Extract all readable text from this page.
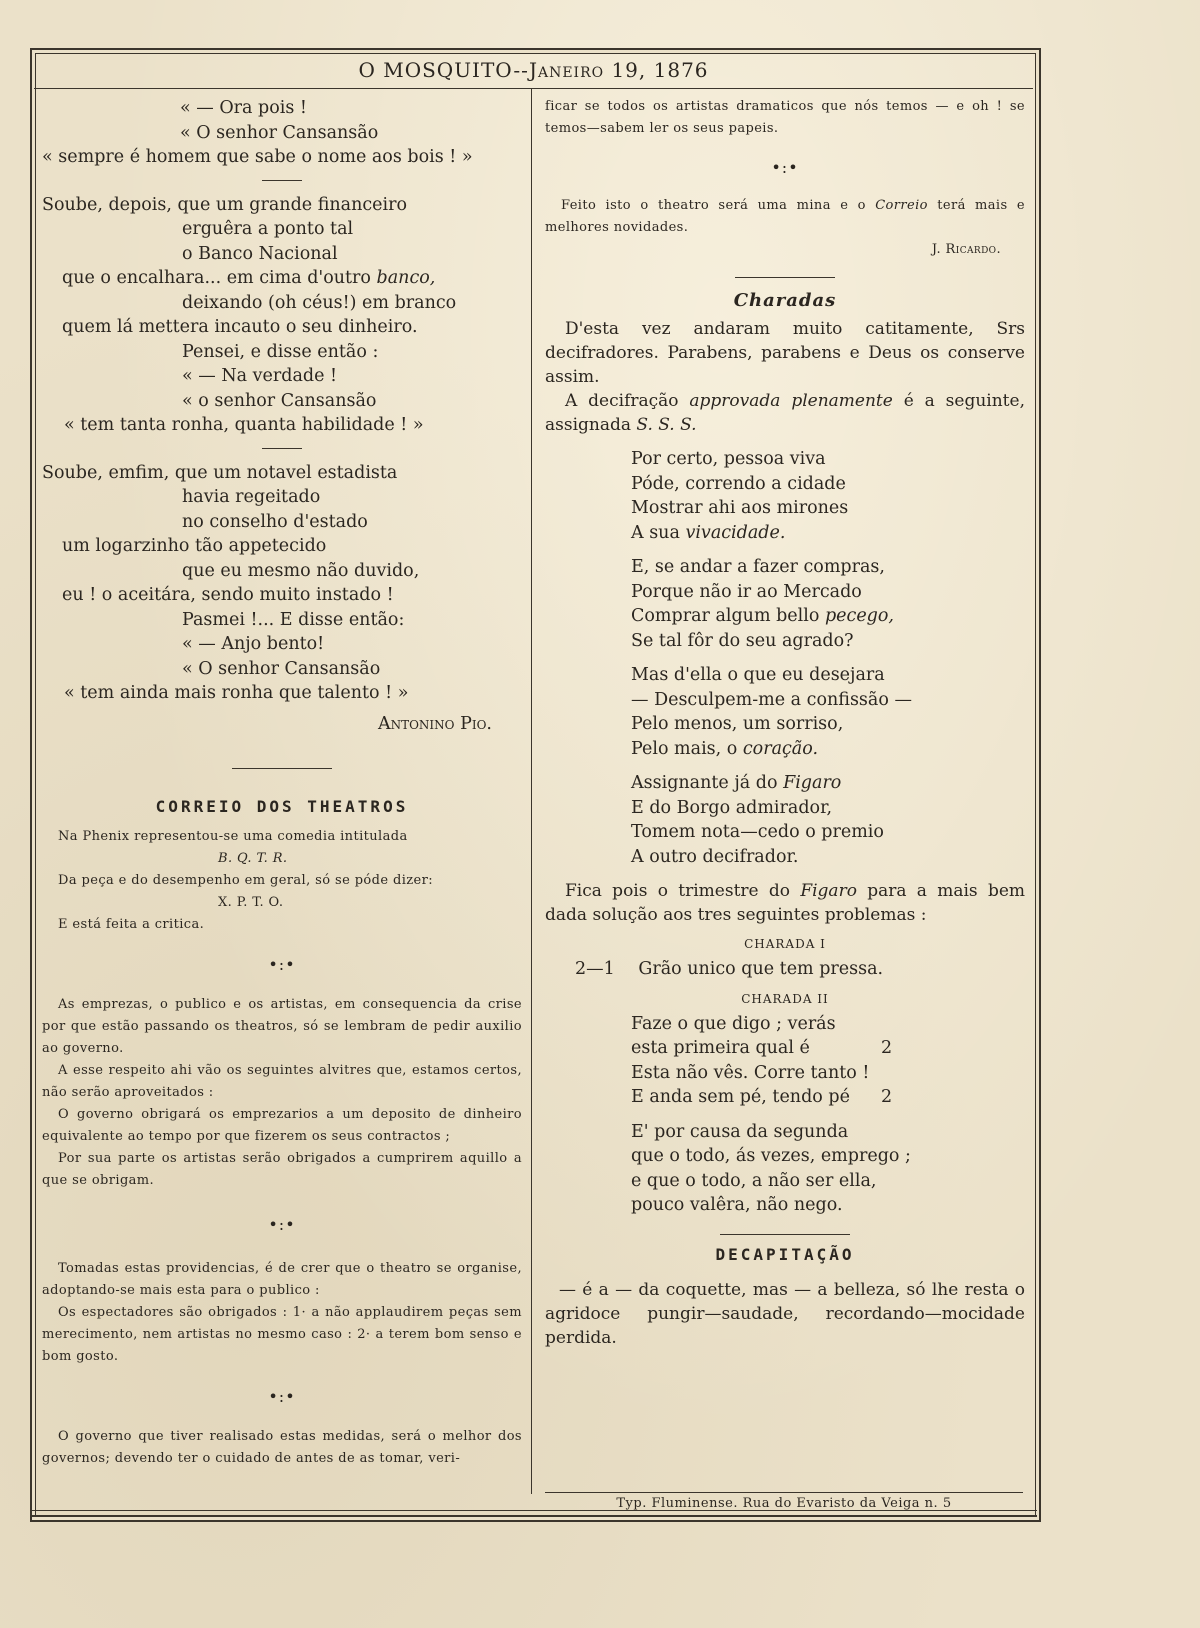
O MOSQUITO--Janeiro 19, 1876
« — Ora pois !
« O senhor Cansansão
« sempre é homem que sabe o nome aos bois ! »
Soube, depois, que um grande financeiro
erguêra a ponto tal
o Banco Nacional
que o encalhara... em cima d'outro banco,
deixando (oh céus!) em branco
quem lá mettera incauto o seu dinheiro.
Pensei, e disse então :
« — Na verdade !
« o senhor Cansansão
« tem tanta ronha, quanta habilidade ! »
Soube, emfim, que um notavel estadista
havia regeitado
no conselho d'estado
um logarzinho tão appetecido
que eu mesmo não duvido,
eu ! o aceitára, sendo muito instado !
Pasmei !... E disse então:
« — Anjo bento!
« O senhor Cansansão
« tem ainda mais ronha que talento ! »
Antonino Pio.
CORREIO DOS THEATROS
Na Phenix representou-se uma comedia intitulada
B. Q. T. R.
Da peça e do desempenho em geral, só se póde dizer:
X. P. T. O.
E está feita a critica.
•:•
As emprezas, o publico e os artistas, em consequencia da crise por que estão passando os theatros, só se lembram de pedir auxilio ao governo.
A esse respeito ahi vão os seguintes alvitres que, estamos certos, não serão aproveitados :
O governo obrigará os emprezarios a um deposito de dinheiro equivalente ao tempo por que fizerem os seus contractos ;
Por sua parte os artistas serão obrigados a cumprirem aquillo a que se obrigam.
•:•
Tomadas estas providencias, é de crer que o theatro se organise, adoptando-se mais esta para o publico :
Os espectadores são obrigados : 1· a não applaudirem peças sem merecimento, nem artistas no mesmo caso : 2· a terem bom senso e bom gosto.
•:•
O governo que tiver realisado estas medidas, será o melhor dos governos; devendo ter o cuidado de antes de as tomar, veri-
ficar se todos os artistas dramaticos que nós temos — e oh ! se temos—sabem ler os seus papeis.
•:•
Feito isto o theatro será uma mina e o Correio terá mais e melhores novidades.
J. Ricardo.
Charadas
D'esta vez andaram muito catitamente, Srs decifradores. Parabens, parabens e Deus os conserve assim.
A decifração approvada plenamente é a seguinte, assignada S. S. S.
Por certo, pessoa viva
Póde, correndo a cidade
Mostrar ahi aos mirones
A sua vivacidade.
E, se andar a fazer compras,
Porque não ir ao Mercado
Comprar algum bello pecego,
Se tal fôr do seu agrado?
Mas d'ella o que eu desejara
— Desculpem-me a confissão —
Pelo menos, um sorriso,
Pelo mais, o coração.
Assignante já do Figaro
E do Borgo admirador,
Tomem nota—cedo o premio
A outro decifrador.
Fica pois o trimestre do Figaro para a mais bem dada solução aos tres seguintes problemas :
CHARADA I
2—1 Grão unico que tem pressa.
CHARADA II
Faze o que digo ; verás
esta primeira qual é	2
Esta não vês. Corre tanto !
E anda sem pé, tendo pé 2
E' por causa da segunda
que o todo, ás vezes, emprego ;
e que o todo, a não ser ella,
pouco valêra, não nego.
DECAPITAÇÃO
— é a — da coquette, mas — a belleza, só lhe resta o agridoce pungir—saudade, recordando—mocidade perdida.
Typ. Fluminense. Rua do Evaristo da Veiga n. 5
